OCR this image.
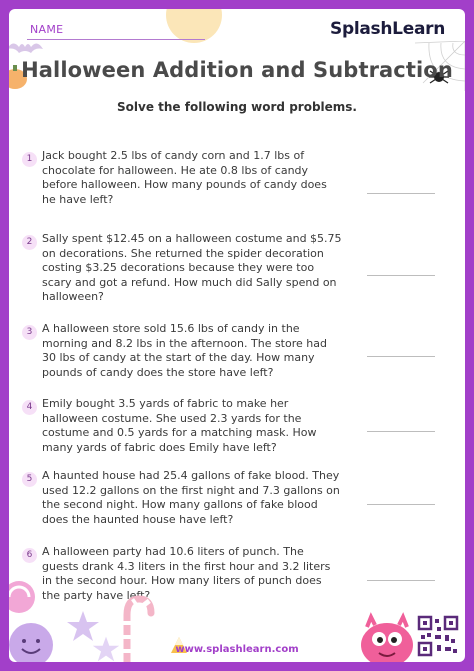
NAME	SplashLearn
Halloween Addition and Subtraction
Solve the following word problems.
1 Jack bought 2.5 lbs of candy corn and 1.7 lbs of chocolate for halloween. He ate 0.8 lbs of candy before halloween. How many pounds of candy does he have left?
2 Sally spent $12.45 on a halloween costume and $5.75 on decorations. She returned the spider decoration costing $3.25 decorations because they were too scary and got a refund. How much did Sally spend on halloween?
3 A halloween store sold 15.6 lbs of candy in the morning and 8.2 lbs in the afternoon. The store had 30 lbs of candy at the start of the day. How many pounds of candy does the store have left?
4 Emily bought 3.5 yards of fabric to make her halloween costume. She used 2.3 yards for the costume and 0.5 yards for a matching mask. How many yards of fabric does Emily have left?
5 A haunted house had 25.4 gallons of fake blood. They used 12.2 gallons on the first night and 7.3 gallons on the second night. How many gallons of fake blood does the haunted house have left?
6 A halloween party had 10.6 liters of punch. The guests drank 4.3 liters in the first hour and 3.2 liters in the second hour. How many liters of punch does the party have left?
www.splashlearn.com
